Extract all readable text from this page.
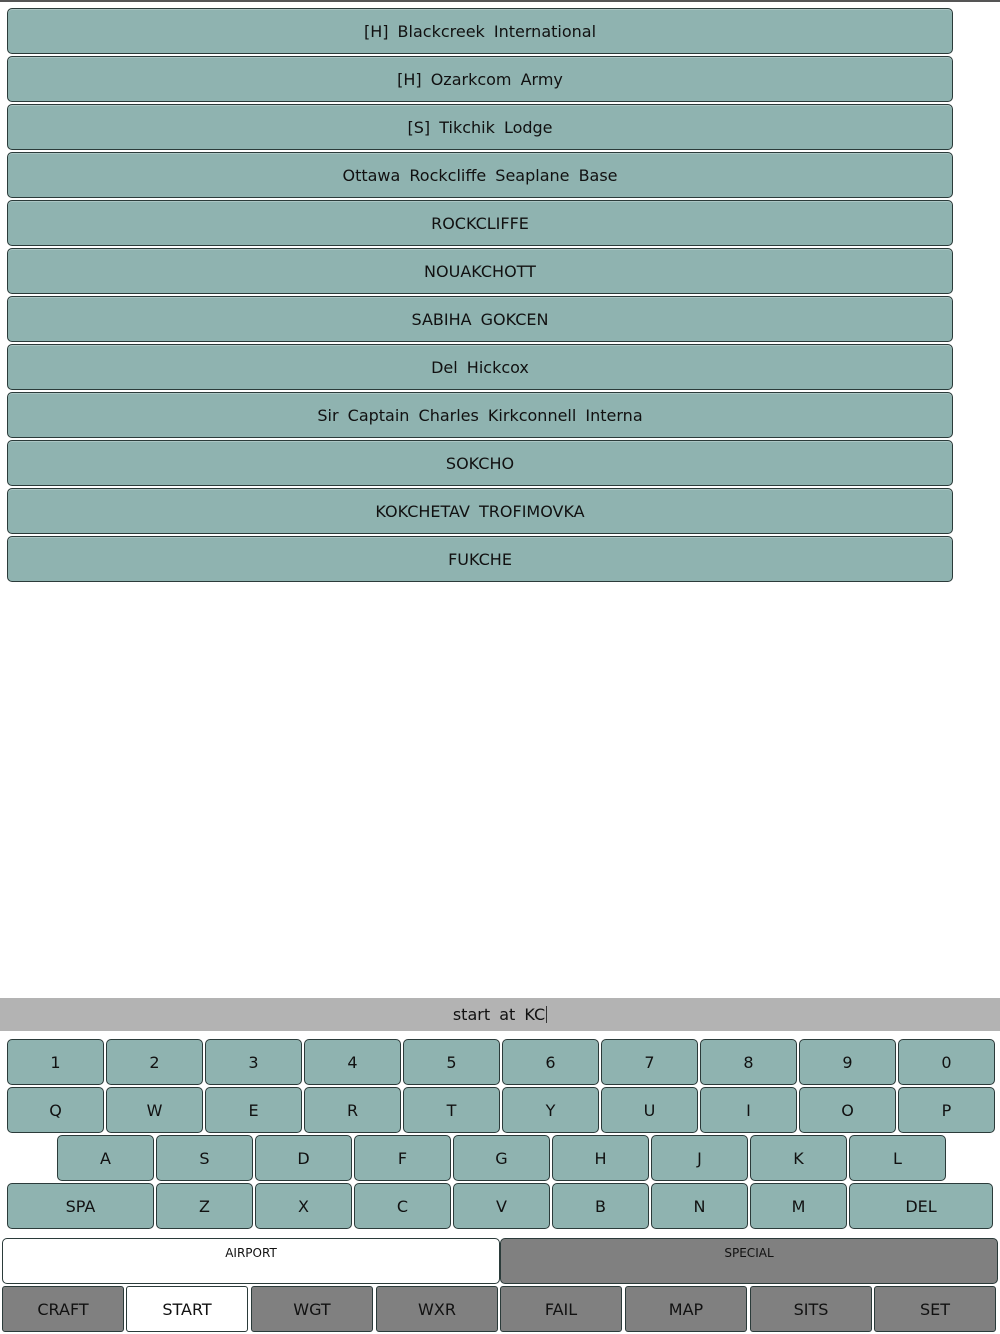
[H] Blackcreek International
[H] Ozarkcom Army
[S] Tikchik Lodge
Ottawa Rockcliffe Seaplane Base
ROCKCLIFFE
NOUAKCHOTT
SABIHA GOKCEN
Del Hickcox
Sir Captain Charles Kirkconnell Interna
SOKCHO
KOKCHETAV TROFIMOVKA
FUKCHE
start at KC
1	2	3	4	5	6	7	8	9	0
Q	W	E	R	T	Y	U	I	O	P
A	S	D	F	G	H	J	K	L
SPA	Z	X	C	V	B	N	M	DEL
AIRPORT	SPECIAL
CRAFT	START	WGT	WXR	FAIL	MAP	SITS	SET
